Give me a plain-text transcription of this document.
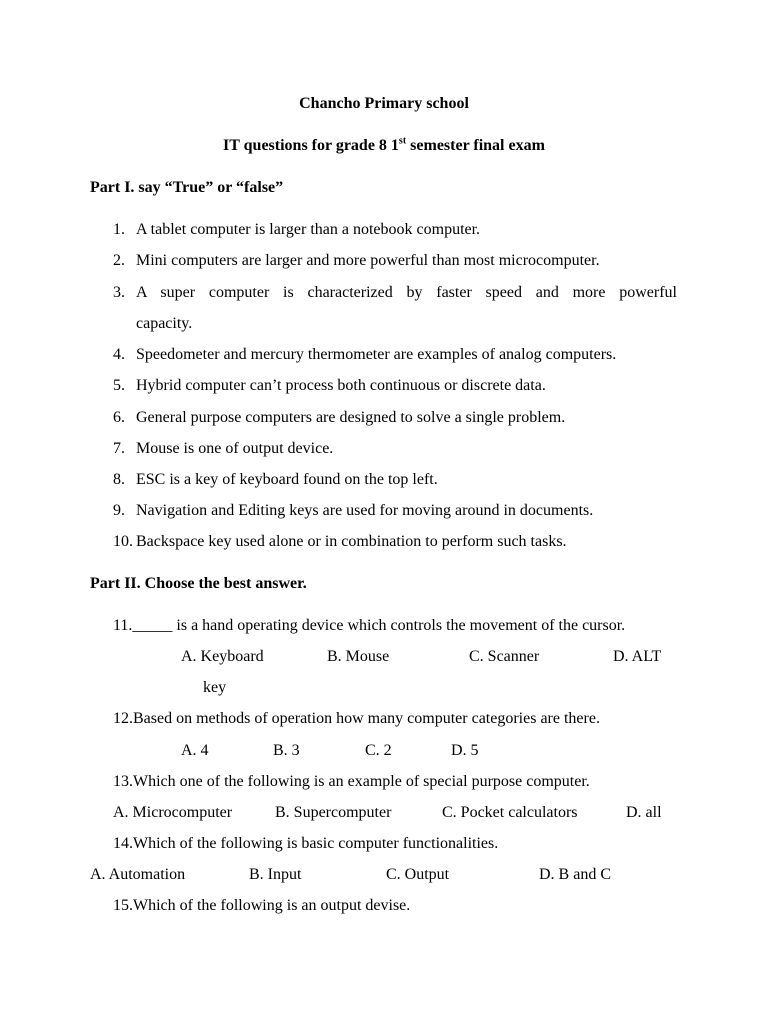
Chancho Primary school
IT questions for grade 8 1st semester final exam
Part I. say “True” or “false”
1. A tablet computer is larger than a notebook computer.
2. Mini computers are larger and more powerful than most microcomputer.
3. A super computer is characterized by faster speed and more powerful
capacity.
4. Speedometer and mercury thermometer are examples of analog computers.
5. Hybrid computer can’t process both continuous or discrete data.
6. General purpose computers are designed to solve a single problem.
7. Mouse is one of output device.
8. ESC is a key of keyboard found on the top left.
9. Navigation and Editing keys are used for moving around in documents.
10. Backspace key used alone or in combination to perform such tasks.
Part II. Choose the best answer.
11._____ is a hand operating device which controls the movement of the cursor.
A. Keyboard	B. Mouse	C. Scanner	D. ALT
key
12.Based on methods of operation how many computer categories are there.
A. 4	B. 3	C. 2	D. 5
13.Which one of the following is an example of special purpose computer.
A. Microcomputer	B. Supercomputer	C. Pocket calculators	D. all
14.Which of the following is basic computer functionalities.
A. Automation	B. Input	C. Output	D. B and C
15.Which of the following is an output devise.
